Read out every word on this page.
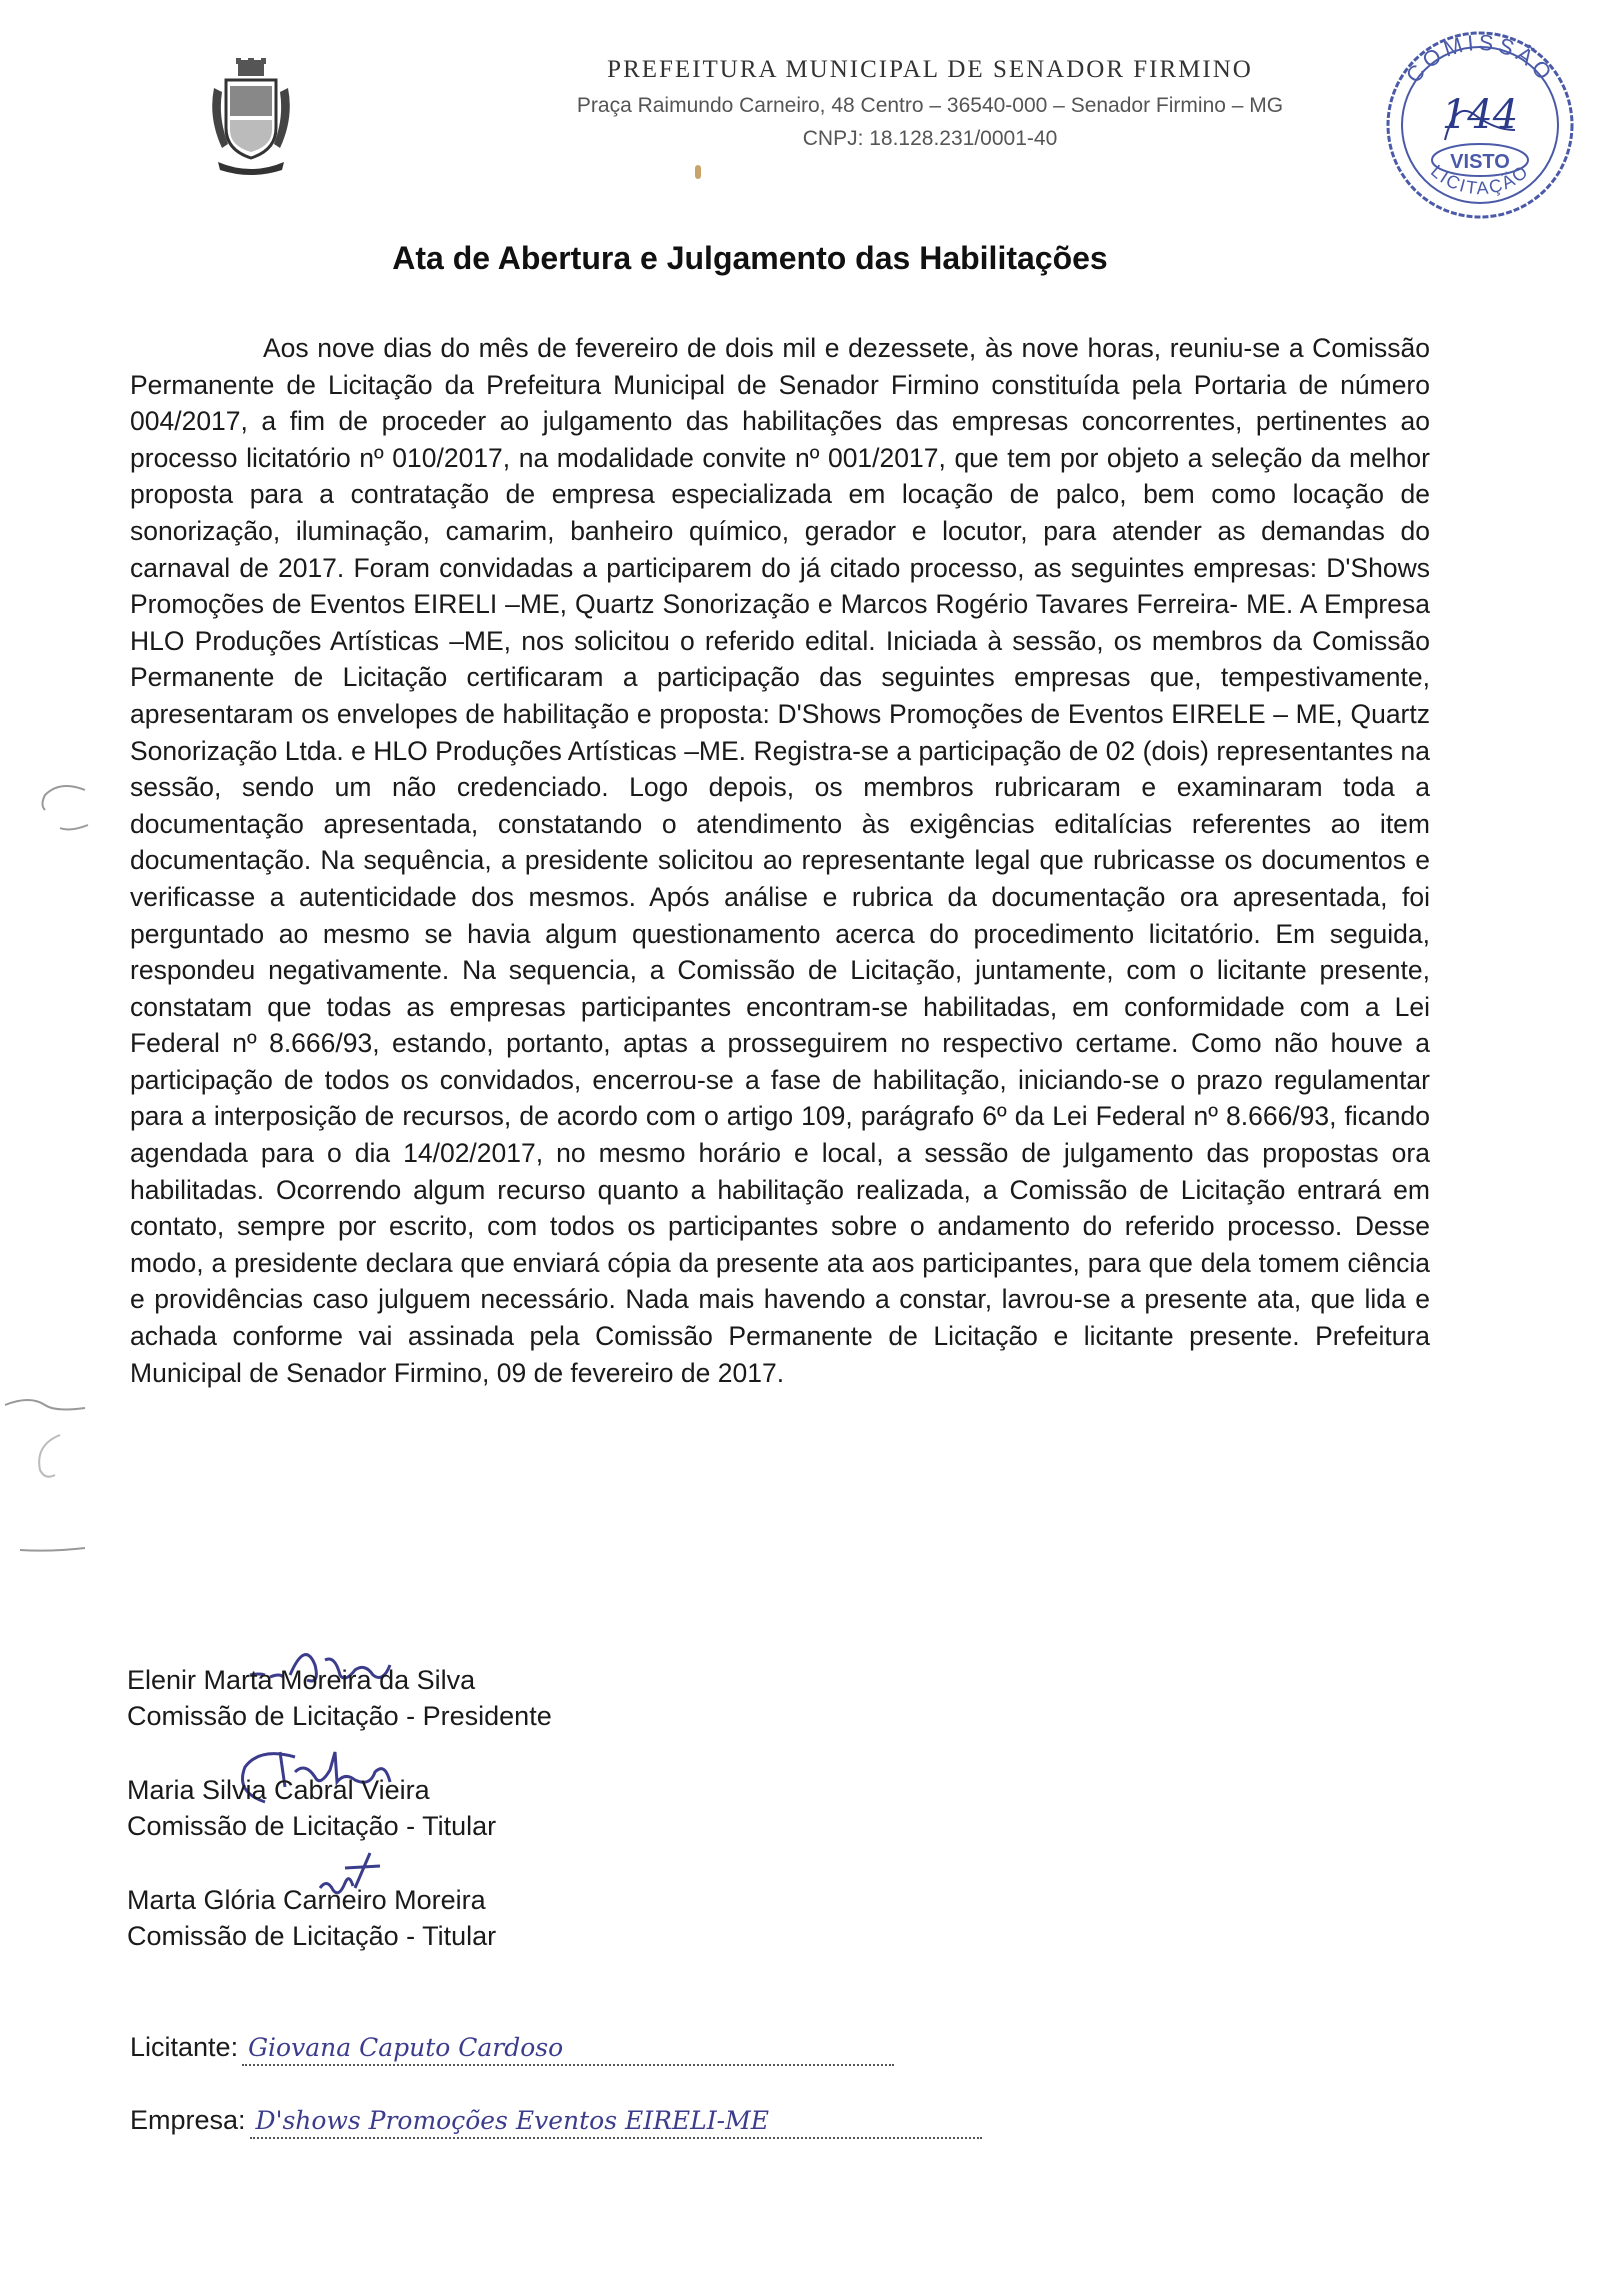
PREFEITURA MUNICIPAL DE SENADOR FIRMINO

Praça Raimundo Carneiro, 48 Centro – 36540-000 – Senador Firmino – MG

CNPJ: 18.128.231/0001-40

COMISSÃO
144
VISTO
LICITAÇÃO
Ata de Abertura e Julgamento das Habilitações

Aos nove dias do mês de fevereiro de dois mil e dezessete, às nove horas, reuniu-se a Comissão Permanente de Licitação da Prefeitura Municipal de Senador Firmino constituída pela Portaria de número 004/2017, a fim de proceder ao julgamento das habilitações das empresas concorrentes, pertinentes ao processo licitatório nº 010/2017, na modalidade convite nº 001/2017, que tem por objeto a seleção da melhor proposta para a contratação de empresa especializada em locação de palco, bem como locação de sonorização, iluminação, camarim, banheiro químico, gerador e locutor, para atender as demandas do carnaval de 2017. Foram convidadas a participarem do já citado processo, as seguintes empresas: D'Shows Promoções de Eventos EIRELI –ME, Quartz Sonorização e Marcos Rogério Tavares Ferreira- ME. A Empresa HLO Produções Artísticas –ME, nos solicitou o referido edital. Iniciada à sessão, os membros da Comissão Permanente de Licitação certificaram a participação das seguintes empresas que, tempestivamente, apresentaram os envelopes de habilitação e proposta: D'Shows Promoções de Eventos EIRELE – ME, Quartz Sonorização Ltda. e HLO Produções Artísticas –ME. Registra-se a participação de 02 (dois) representantes na sessão, sendo um não credenciado. Logo depois, os membros rubricaram e examinaram toda a documentação apresentada, constatando o atendimento às exigências editalícias referentes ao item documentação. Na sequência, a presidente solicitou ao representante legal que rubricasse os documentos e verificasse a autenticidade dos mesmos. Após análise e rubrica da documentação ora apresentada, foi perguntado ao mesmo se havia algum questionamento acerca do procedimento licitatório. Em seguida, respondeu negativamente. Na sequencia, a Comissão de Licitação, juntamente, com o licitante presente, constatam que todas as empresas participantes encontram-se habilitadas, em conformidade com a Lei Federal nº 8.666/93, estando, portanto, aptas a prosseguirem no respectivo certame. Como não houve a participação de todos os convidados, encerrou-se a fase de habilitação, iniciando-se o prazo regulamentar para a interposição de recursos, de acordo com o artigo 109, parágrafo 6º da Lei Federal nº 8.666/93, ficando agendada para o dia 14/02/2017, no mesmo horário e local, a sessão de julgamento das propostas ora habilitadas. Ocorrendo algum recurso quanto a habilitação realizada, a Comissão de Licitação entrará em contato, sempre por escrito, com todos os participantes sobre o andamento do referido processo. Desse modo, a presidente declara que enviará cópia da presente ata aos participantes, para que dela tomem ciência e providências caso julguem necessário. Nada mais havendo a constar, lavrou-se a presente ata, que lida e achada conforme vai assinada pela Comissão Permanente de Licitação e licitante presente. Prefeitura Municipal de Senador Firmino, 09 de fevereiro de 2017.

Elenir Marta Moreira da Silva

Comissão de Licitação - Presidente

Maria Silvia Cabral Vieira

Comissão de Licitação - Titular

Marta Glória Carneiro Moreira

Comissão de Licitação - Titular

Licitante: Giovana Caputo Cardoso
Empresa: D'shows Promoções Eventos EIRELI-ME
